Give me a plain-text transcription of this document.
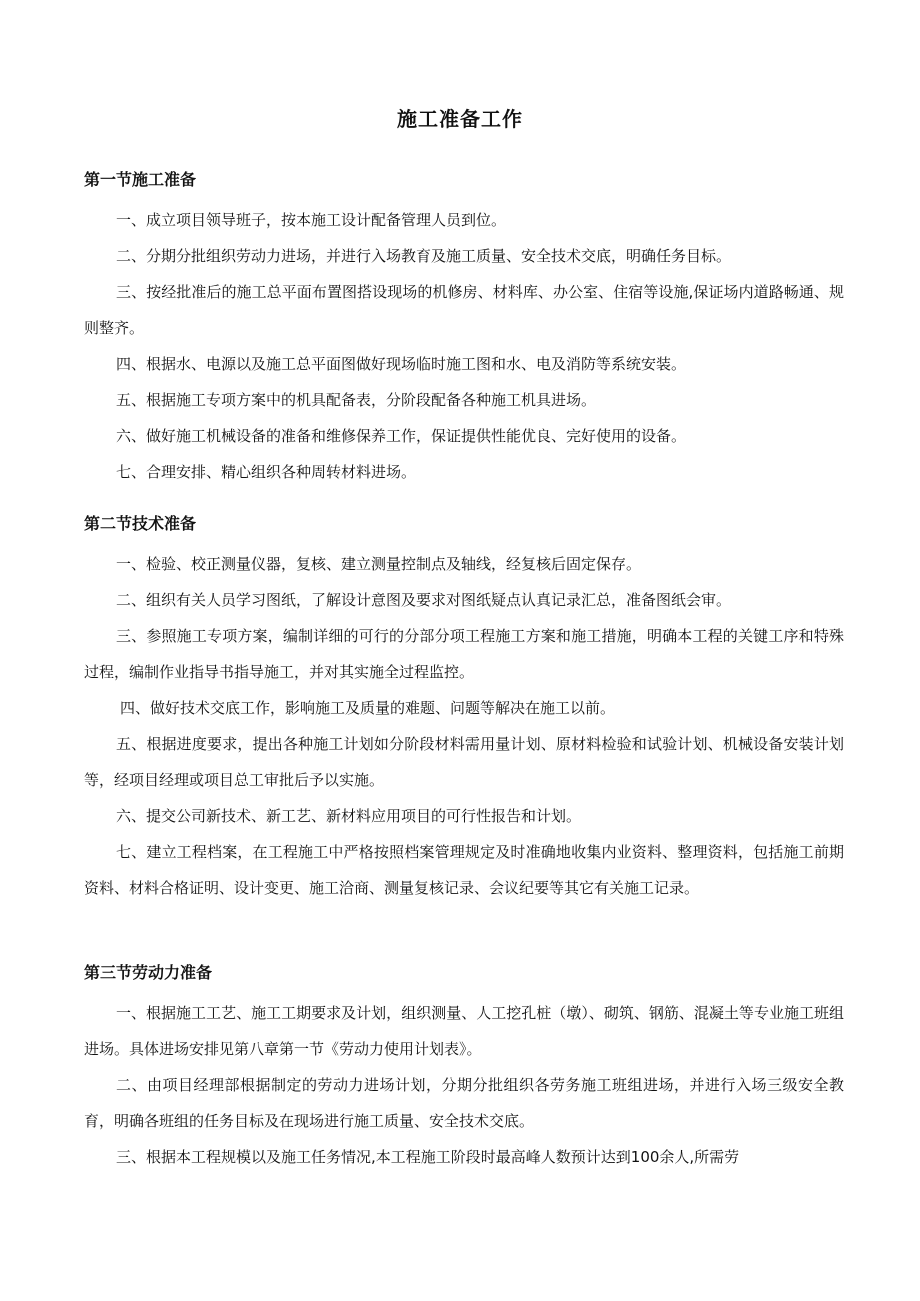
施工准备工作
第一节施工准备

一、成立项目领导班子，按本施工设计配备管理人员到位。

二、分期分批组织劳动力进场，并进行入场教育及施工质量、安全技术交底，明确任务目标。

三、按经批准后的施工总平面布置图搭设现场的机修房、材料库、办公室、住宿等设施,保证场内道路畅通、规则整齐。

四、根据水、电源以及施工总平面图做好现场临时施工图和水、电及消防等系统安装。

五、根据施工专项方案中的机具配备表，分阶段配备各种施工机具进场。

六、做好施工机械设备的准备和维修保养工作，保证提供性能优良、完好使用的设备。

七、合理安排、精心组织各种周转材料进场。

第二节技术准备

一、检验、校正测量仪器，复核、建立测量控制点及轴线，经复核后固定保存。

二、组织有关人员学习图纸，了解设计意图及要求对图纸疑点认真记录汇总，准备图纸会审。

三、参照施工专项方案，编制详细的可行的分部分项工程施工方案和施工措施，明确本工程的关键工序和特殊过程，编制作业指导书指导施工，并对其实施全过程监控。

四、做好技术交底工作，影响施工及质量的难题、问题等解决在施工以前。

五、根据进度要求，提出各种施工计划如分阶段材料需用量计划、原材料检验和试验计划、机械设备安装计划等，经项目经理或项目总工审批后予以实施。

六、提交公司新技术、新工艺、新材料应用项目的可行性报告和计划。

七、建立工程档案，在工程施工中严格按照档案管理规定及时准确地收集内业资料、整理资料，包括施工前期资料、材料合格证明、设计变更、施工洽商、测量复核记录、会议纪要等其它有关施工记录。

第三节劳动力准备

一、根据施工工艺、施工工期要求及计划，组织测量、人工挖孔桩（墩）、砌筑、钢筋、混凝土等专业施工班组进场。具体进场安排见第八章第一节《劳动力使用计划表》。

二、由项目经理部根据制定的劳动力进场计划，分期分批组织各劳务施工班组进场，并进行入场三级安全教育，明确各班组的任务目标及在现场进行施工质量、安全技术交底。

三、根据本工程规模以及施工任务情况,本工程施工阶段时最高峰人数预计达到100余人,所需劳
